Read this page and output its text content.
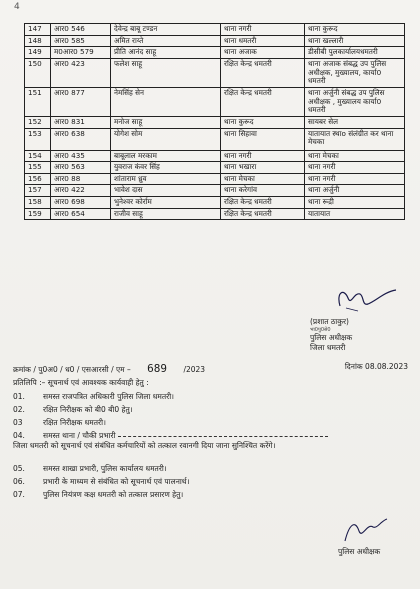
4
147	आर0 546	देवेन्द्र बाबू टण्डन	थाना नगरी	थाना कुरूद
148	आर0 585	अमित राय्ते	थाना धमतरी	थाना खल्लारी
149	म0आर0 579	प्रीति आनंद साहू	थाना अजाक	डीसीबी पुलकार्यालयधमतरी
150	आर0 423	फलेश साहू	रक्षित केन्द्र धमतरी	थाना अजाक संबद्ध उप पुलिस अधीक्षक, मुख्यालय, कार्या0 धमतरी
151	आर0 877	नेमसिंह सेन	रक्षित केन्द्र धमतरी	थाना अर्जुनी संबद्ध उप पुलिस अधीक्षक , मुख्यालय कार्या0 धमतरी
152	आर0 831	मनोज साहू	थाना कुरूद	सायबर सेल
153	आर0 638	योगेश सोम	थाना सिहावा	यातायात स्थाo संलंग्रीत कर थाना मेचका
154	आर0 435	बाबूलाल मरकाम	थाना नगरी	थाना मेचका
155	आर0 563	युवराज कंवर सिंह	थाना भखारा	थाना नगरी
156	आर0 88	शांताराम ध्रुव	थाना मेचका	थाना नगरी
157	आर0 422	भावेश दास	थाना करेगांव	थाना अर्जुनी
158	आर0 698	भुनेश्वर कोर्राम	रक्षित केन्द्र धमतरी	थाना रूद्री
159	आर0 654	राजीव साहू	रक्षित केन्द्र धमतरी	यातायात
(प्रशात ठाकुर)
भा0पु0से0
पुलिस अधीक्षक
जिला धमतरी
क्रमांक / पु0अ0 / ध0 / एसआरसी / एम – 689 /2023	दिनांक 08.08.2023
प्रतिलिपि :– सूचनार्थ एवं आवश्यक कार्यवाही हेतु :
01.	समस्त राजपत्रित अधिकारी पुलिस जिला धमतरी।
02.	रक्षित निरीक्षक को बी0 बी0 हेतु।
03	रक्षित निरीक्षक धमतरी।
04.	समस्त थाना / चौकी प्रभारी
जिला धमतरी को सूचनार्थ एवं संबंधित कर्मचारियों को तत्काल रवानगी दिया जाना सुनिश्चित करेंगे।
05.	समस्त शाखा प्रभारी, पुलिस कार्यालय धमतरी।
06.	प्रभारी के माध्यम से संबंधित को सूचनार्थ एवं पालनार्थ।
07.	पुलिस नियंत्रण कक्ष धमतरी को तत्काल प्रसारण हेतु।
पुलिस अधीक्षक
